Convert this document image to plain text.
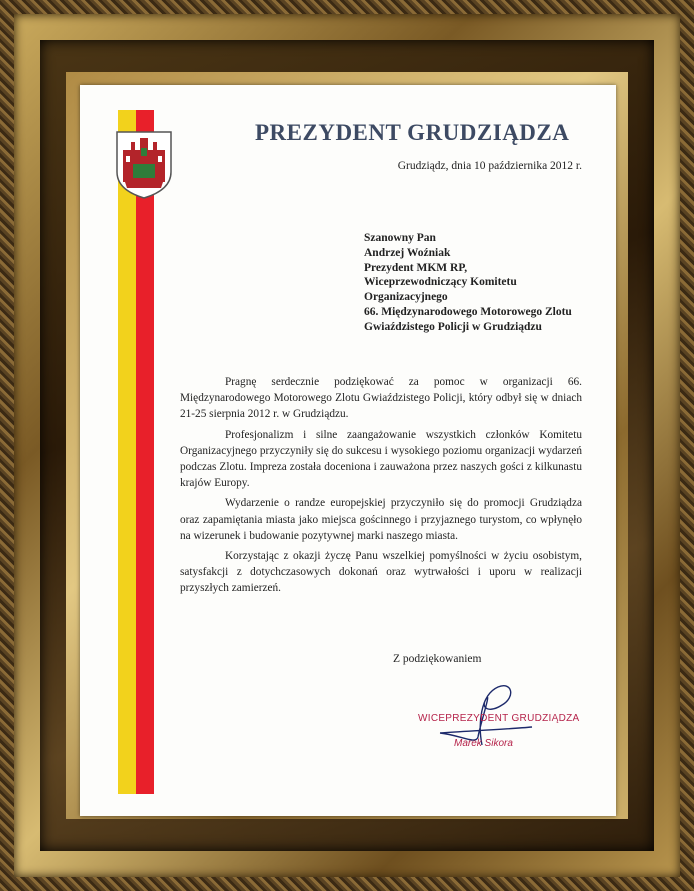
PREZYDENT GRUDZIĄDZA
Grudziądz, dnia 10 października 2012 r.
Szanowny Pan
Andrzej Woźniak
Prezydent MKM RP,
Wiceprzewodniczący Komitetu
Organizacyjnego
66. Międzynarodowego Motorowego Zlotu
Gwiaździstego Policji w Grudziądzu

Pragnę serdecznie podziękować za pomoc w organizacji 66. Międzynarodowego Motorowego Zlotu Gwiaździstego Policji, który odbył się w dniach 21-25 sierpnia 2012 r. w Grudziądzu.

Profesjonalizm i silne zaangażowanie wszystkich członków Komitetu Organizacyjnego przyczyniły się do sukcesu i wysokiego poziomu organizacji wydarzeń podczas Zlotu. Impreza została doceniona i zauważona przez naszych gości z kilkunastu krajów Europy.

Wydarzenie o randze europejskiej przyczyniło się do promocji Grudziądza oraz zapamiętania miasta jako miejsca gościnnego i przyjaznego turystom, co wpłynęło na wizerunek i budowanie pozytywnej marki naszego miasta.

Korzystając z okazji życzę Panu wszelkiej pomyślności w życiu osobistym, satysfakcji z dotychczasowych dokonań oraz wytrwałości i uporu w realizacji przyszłych zamierzeń.

Z podziękowaniem
WICEPREZYDENT GRUDZIĄDZA
Marek Sikora
